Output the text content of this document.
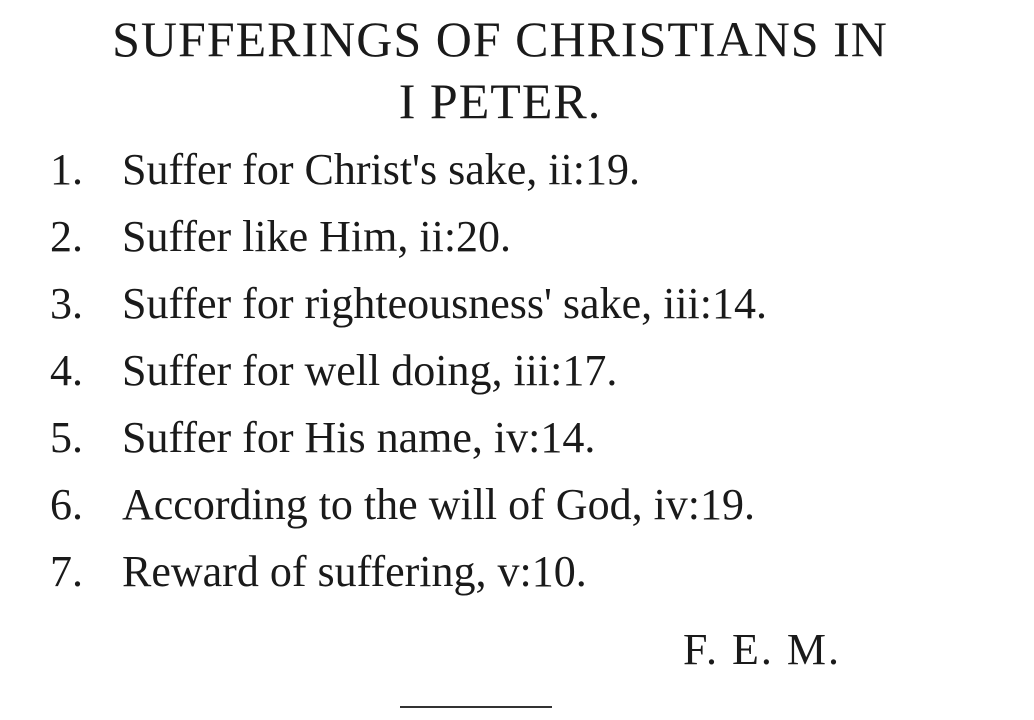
SUFFERINGS OF CHRISTIANS IN
I PETER.
1. Suffer for Christ's sake, ii:19.
2. Suffer like Him, ii:20.
3. Suffer for righteousness' sake, iii:14.
4. Suffer for well doing, iii:17.
5. Suffer for His name, iv:14.
6. According to the will of God, iv:19.
7. Reward of suffering, v:10.
F. E. M.
